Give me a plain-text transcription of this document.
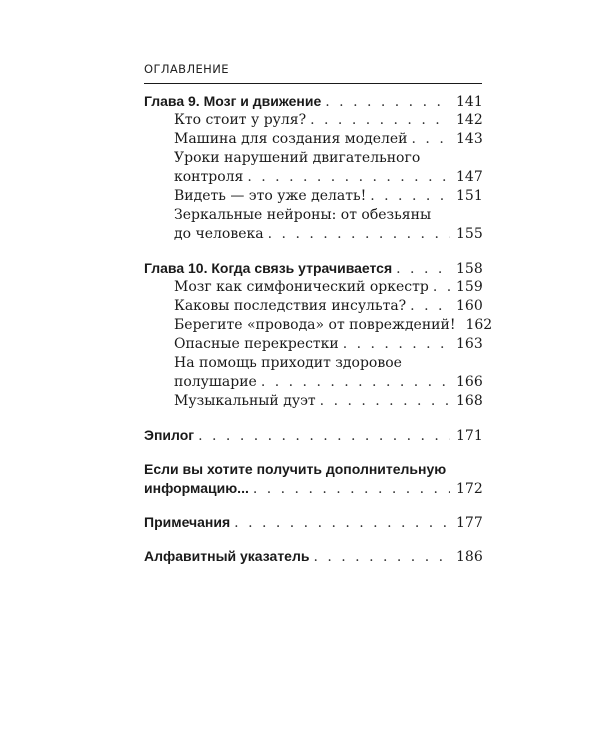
ОГЛАВЛЕНИЕ
Глава 9. Мозг и движение . . .	141
Кто стоит у руля? . . .	142
Машина для создания моделей . . .	143
Уроки нарушений двигательного
контроля . . .	147
Видеть — это уже делать! . . .	151
Зеркальные нейроны: от обезьяны
до человека . . .	155
Глава 10. Когда связь утрачивается . . .	158
Мозг как симфонический оркестр . . . 159
Каковы последствия инсульта? . . .	160
Берегите «провода» от повреждений! 162
Опасные перекрестки . . .	163
На помощь приходит здоровое
полушарие . . .	166
Музыкальный дуэт . . .	168
Эпилог . . .	171
Если вы хотите получить дополнительную
информацию... . . .	172
Примечания . . .	177
Алфавитный указатель . . .	186
